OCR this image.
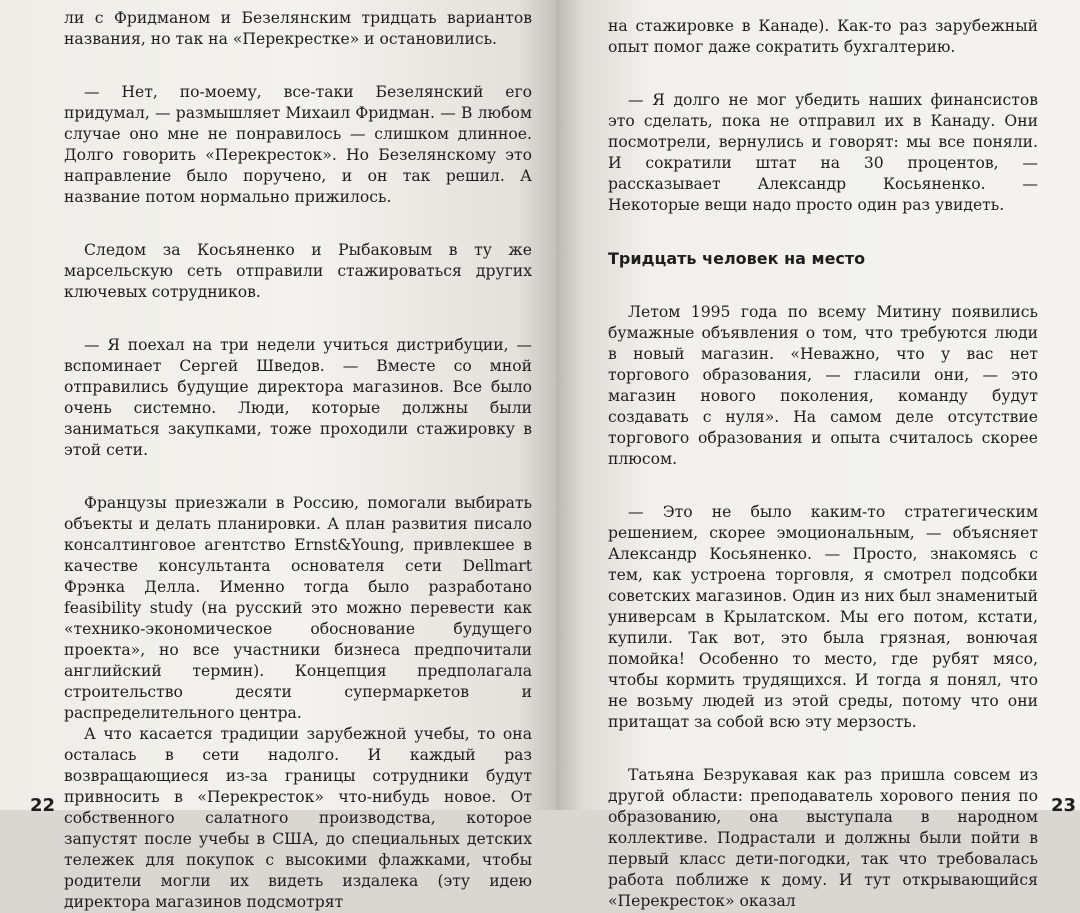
ли с Фридманом и Безелянским тридцать вариантов названия, но так на «Перекрестке» и остановились.

— Нет, по-моему, все-таки Безелянский его придумал, — размышляет Михаил Фридман. — В любом случае оно мне не понравилось — слишком длинное. Долго говорить «Перекресток». Но Безелянскому это направление было поручено, и он так решил. А название потом нормально прижилось.

Следом за Косьяненко и Рыбаковым в ту же марсельскую сеть отправили стажироваться других ключевых сотрудников.

— Я поехал на три недели учиться дистрибуции, — вспоминает Сергей Шведов. — Вместе со мной отправились будущие директора магазинов. Все было очень системно. Люди, которые должны были заниматься закупками, тоже проходили стажировку в этой сети.

Французы приезжали в Россию, помогали выбирать объекты и делать планировки. А план развития писало консалтинговое агентство Ernst&Young, привлекшее в качестве консультанта основателя сети Dellmart Фрэнка Делла. Именно тогда было разработано feasibility study (на русский это можно перевести как «технико-экономическое обоснование будущего проекта», но все участники бизнеса предпочитали английский термин). Концепция предполагала строительство десяти супермаркетов и распределительного центра.

А что касается традиции зарубежной учебы, то она осталась в сети надолго. И каждый раз возвращающиеся из-за границы сотрудники будут привносить в «Перекресток» что-нибудь новое. От собственного салатного производства, которое запустят после учебы в США, до специальных детских тележек для покупок с высокими флажками, чтобы родители могли их видеть издалека (эту идею директора магазинов подсмотрят

22

на стажировке в Канаде). Как-то раз зарубежный опыт помог даже сократить бухгалтерию.

— Я долго не мог убедить наших финансистов это сделать, пока не отправил их в Канаду. Они посмотрели, вернулись и говорят: мы все поняли. И сократили штат на 30 процентов, — рассказывает Александр Косьяненко. — Некоторые вещи надо просто один раз увидеть.

Тридцать человек на место

Летом 1995 года по всему Митину появились бумажные объявления о том, что требуются люди в новый магазин. «Неважно, что у вас нет торгового образования, — гласили они, — это магазин нового поколения, команду будут создавать с нуля». На самом деле отсутствие торгового образования и опыта считалось скорее плюсом.

— Это не было каким-то стратегическим решением, скорее эмоциональным, — объясняет Александр Косьяненко. — Просто, знакомясь с тем, как устроена торговля, я смотрел подсобки советских магазинов. Один из них был знаменитый универсам в Крылатском. Мы его потом, кстати, купили. Так вот, это была грязная, вонючая помойка! Особенно то место, где рубят мясо, чтобы кормить трудящихся. И тогда я понял, что не возьму людей из этой среды, потому что они притащат за собой всю эту мерзость.

Татьяна Безрукавая как раз пришла совсем из другой области: преподаватель хорового пения по образованию, она выступала в народном коллективе. Подрастали и должны были пойти в первый класс дети-погодки, так что требовалась работа поближе к дому. И тут открывающийся «Перекресток» оказал

23
